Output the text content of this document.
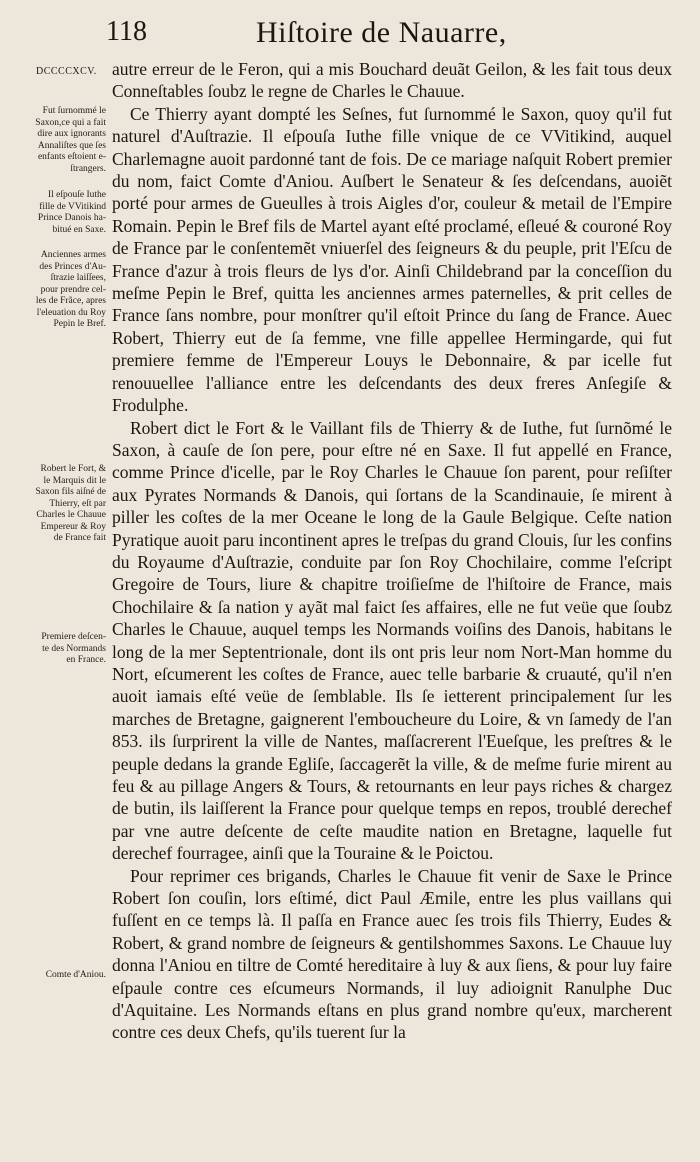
118	Hiſtoire de Nauarre,
DCCCCXCV. autre erreur de le Feron, qui a mis Bouchard deuãt Geilon, & les fait tous deux Conneſtables ſoubz le regne de Charles le Chauue.

Ce Thierry ayant dompté les Seſnes, fut ſurnommé le Saxon, quoy qu'il fut naturel d'Auſtrazie. Il eſpouſa Iuthe fille vnique de ce VVitikind, auquel Charlemagne auoit pardonné tant de fois. De ce mariage naſquit Robert premier du nom, faict Comte d'Aniou. Auſbert le Senateur & ſes deſcendans, auoiẽt porté pour armes de Gueulles à trois Aigles d'or, couleur & metail de l'Empire Romain. Pepin le Bref fils de Martel ayant eſté proclamé, eſleué & couroné Roy de France par le conſentemẽt vniuerſel des ſeigneurs & du peuple, prit l'Eſcu de France d'azur à trois fleurs de lys d'or. Ainſi Childebrand par la conceſſion du meſme Pepin le Bref, quitta les anciennes armes paternelles, & prit celles de France ſans nombre, pour monſtrer qu'il eſtoit Prince du ſang de France. Auec Robert, Thierry eut de ſa femme, vne fille appellee Hermingarde, qui fut premiere femme de l'Empereur Louys le Debonnaire, & par icelle fut renouuellee l'alliance entre les deſcendants des deux freres Anſegiſe & Frodulphe.

Robert dict le Fort & le Vaillant fils de Thierry & de Iuthe, fut ſurnõmé le Saxon, à cauſe de ſon pere, pour eſtre né en Saxe. Il fut appellé en France, comme Prince d'icelle, par le Roy Charles le Chauue ſon parent, pour reſiſter aux Pyrates Normands & Danois, qui ſortans de la Scandinauie, ſe mirent à piller les coſtes de la mer Oceane le long de la Gaule Belgique. Ceſte nation Pyratique auoit paru incontinent apres le treſpas du grand Clouis, ſur les confins du Royaume d'Auſtrazie, conduite par ſon Roy Chochilaire, comme l'eſcript Gregoire de Tours, liure & chapitre troiſieſme de l'hiſtoire de France, mais Chochilaire & ſa nation y ayãt mal faict ſes affaires, elle ne fut veüe que ſoubz Charles le Chauue, auquel temps les Normands voiſins des Danois, habitans le long de la mer Septentrionale, dont ils ont pris leur nom Nort-Man homme du Nort, eſcumerent les coſtes de France, auec telle barbarie & cruauté, qu'il n'en auoit iamais eſté veüe de ſemblable. Ils ſe ietterent principalement ſur les marches de Bretagne, gaignerent l'emboucheure du Loire, & vn ſamedy de l'an 853. ils ſurprirent la ville de Nantes, maſſacrerent l'Eueſque, les preſtres & le peuple dedans la grande Egliſe, ſaccagerẽt la ville, & de meſme furie mirent au feu & au pillage Angers & Tours, & retournants en leur pays riches & chargez de butin, ils laiſſerent la France pour quelque temps en repos, troublé derechef par vne autre deſcente de ceſte maudite nation en Bretagne, laquelle fut derechef fourragee, ainſi que la Touraine & le Poictou.

Pour reprimer ces brigands, Charles le Chauue fit venir de Saxe le Prince Robert ſon couſin, lors eſtimé, dict Paul Æmile, entre les plus vaillans qui fuſſent en ce temps là. Il paſſa en France auec ſes trois fils Thierry, Eudes & Robert, & grand nombre de ſeigneurs & gentilshommes Saxons. Le Chauue luy donna l'Aniou en tiltre de Comté hereditaire à luy & aux ſiens, & pour luy faire eſpaule contre ces eſcumeurs Normands, il luy adioignit Ranulphe Duc d'Aquitaine. Les Normands eſtans en plus grand nombre qu'eux, marcherent contre ces deux Chefs, qu'ils tuerent ſur la

Fut ſurnommé le
Saxon,ce qui a fait
dire aux ignorants
Annaliſtes que ſes
enfants eſtoient e-
ſtrangers.
Il eſpouſe Iuthe
fille de VVitikind
Prince Danois ha-
bitué en Saxe.
Anciennes armes
des Princes d'Au-
ſtrazie laiſſees,
pour prendre cel-
les de Frãce, apres
l'eleuation du Roy
Pepin le Bref.
Robert le Fort, &
le Marquis dit le
Saxon fils aiſné de
Thierry, eſt par
Charles le Chauue
Empereur & Roy
de France fait
Premiere deſcen-
te des Normands
en France.
Comte d'Aniou.
